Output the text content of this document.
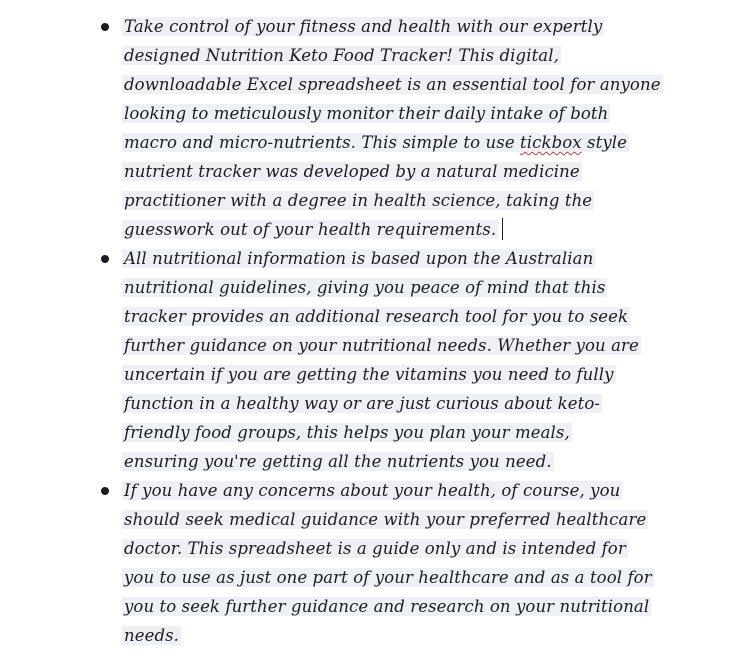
Take control of your fitness and health with our expertly
designed Nutrition Keto Food Tracker! This digital,
downloadable Excel spreadsheet is an essential tool for anyone
looking to meticulously monitor their daily intake of both
macro and micro-nutrients. This simple to use tickbox style
nutrient tracker was developed by a natural medicine
practitioner with a degree in health science, taking the
guesswork out of your health requirements.
All nutritional information is based upon the Australian
nutritional guidelines, giving you peace of mind that this
tracker provides an additional research tool for you to seek
further guidance on your nutritional needs. Whether you are
uncertain if you are getting the vitamins you need to fully
function in a healthy way or are just curious about keto-
friendly food groups, this helps you plan your meals,
ensuring you're getting all the nutrients you need.
If you have any concerns about your health, of course, you
should seek medical guidance with your preferred healthcare
doctor. This spreadsheet is a guide only and is intended for
you to use as just one part of your healthcare and as a tool for
you to seek further guidance and research on your nutritional
needs.
